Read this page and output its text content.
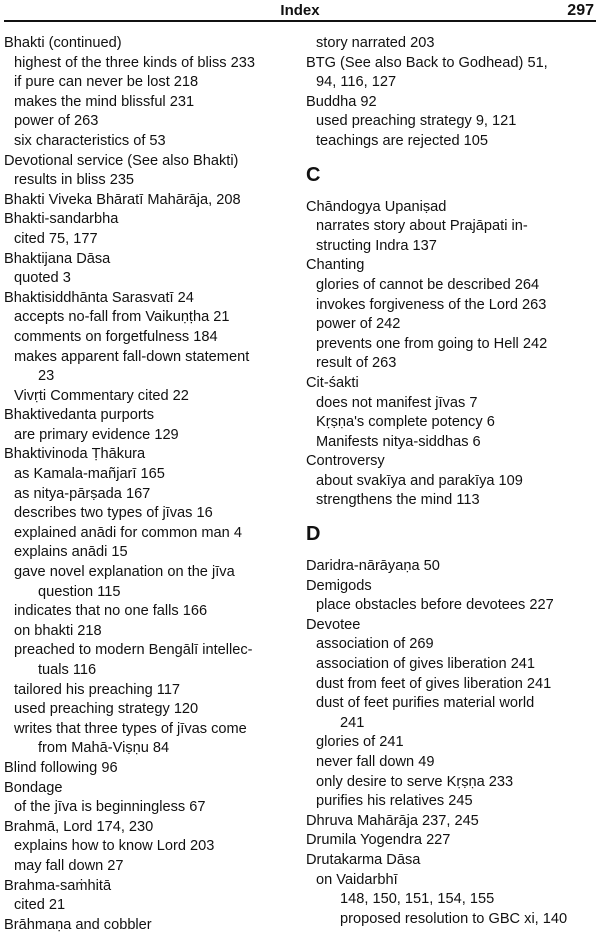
Index	297
Bhakti (continued)
highest of the three kinds of bliss 233
if pure can never be lost 218
makes the mind blissful 231
power of 263
six characteristics of 53
Devotional service (See also Bhakti)
results in bliss 235
Bhakti Viveka Bhāratī Mahārāja, 208
Bhakti-sandarbha
cited 75, 177
Bhaktijana Dāsa
quoted 3
Bhaktisiddhānta Sarasvatī 24
accepts no-fall from Vaikuṇṭha 21
comments on forgetfulness 184
makes apparent fall-down statement
23
Vivṛti Commentary cited 22
Bhaktivedanta purports
are primary evidence 129
Bhaktivinoda Ṭhākura
as Kamala-mañjarī 165
as nitya-pārṣada 167
describes two types of jīvas 16
explained anādi for common man 4
explains anādi 15
gave novel explanation on the jīva
question 115
indicates that no one falls 166
on bhakti 218
preached to modern Bengālī intellec-
tuals 116
tailored his preaching 117
used preaching strategy 120
writes that three types of jīvas come
from Mahā-Viṣṇu 84
Blind following 96
Bondage
of the jīva is beginningless 67
Brahmā, Lord 174, 230
explains how to know Lord 203
may fall down 27
Brahma-saṁhitā
cited 21
Brāhmaṇa and cobbler
story narrated 203
BTG (See also Back to Godhead) 51,
94, 116, 127
Buddha 92
used preaching strategy 9, 121
teachings are rejected 105
C
Chāndogya Upaniṣad
narrates story about Prajāpati in-
structing Indra 137
Chanting
glories of cannot be described 264
invokes forgiveness of the Lord 263
power of 242
prevents one from going to Hell 242
result of 263
Cit-śakti
does not manifest jīvas 7
Kṛṣṇa's complete potency 6
Manifests nitya-siddhas 6
Controversy
about svakīya and parakīya 109
strengthens the mind 113
D
Daridra-nārāyaṇa 50
Demigods
place obstacles before devotees 227
Devotee
association of 269
association of gives liberation 241
dust from feet of gives liberation 241
dust of feet purifies material world
241
glories of 241
never fall down 49
only desire to serve Kṛṣṇa 233
purifies his relatives 245
Dhruva Mahārāja 237, 245
Drumila Yogendra 227
Drutakarma Dāsa
on Vaidarbhī
148, 150, 151, 154, 155
proposed resolution to GBC xi, 140
